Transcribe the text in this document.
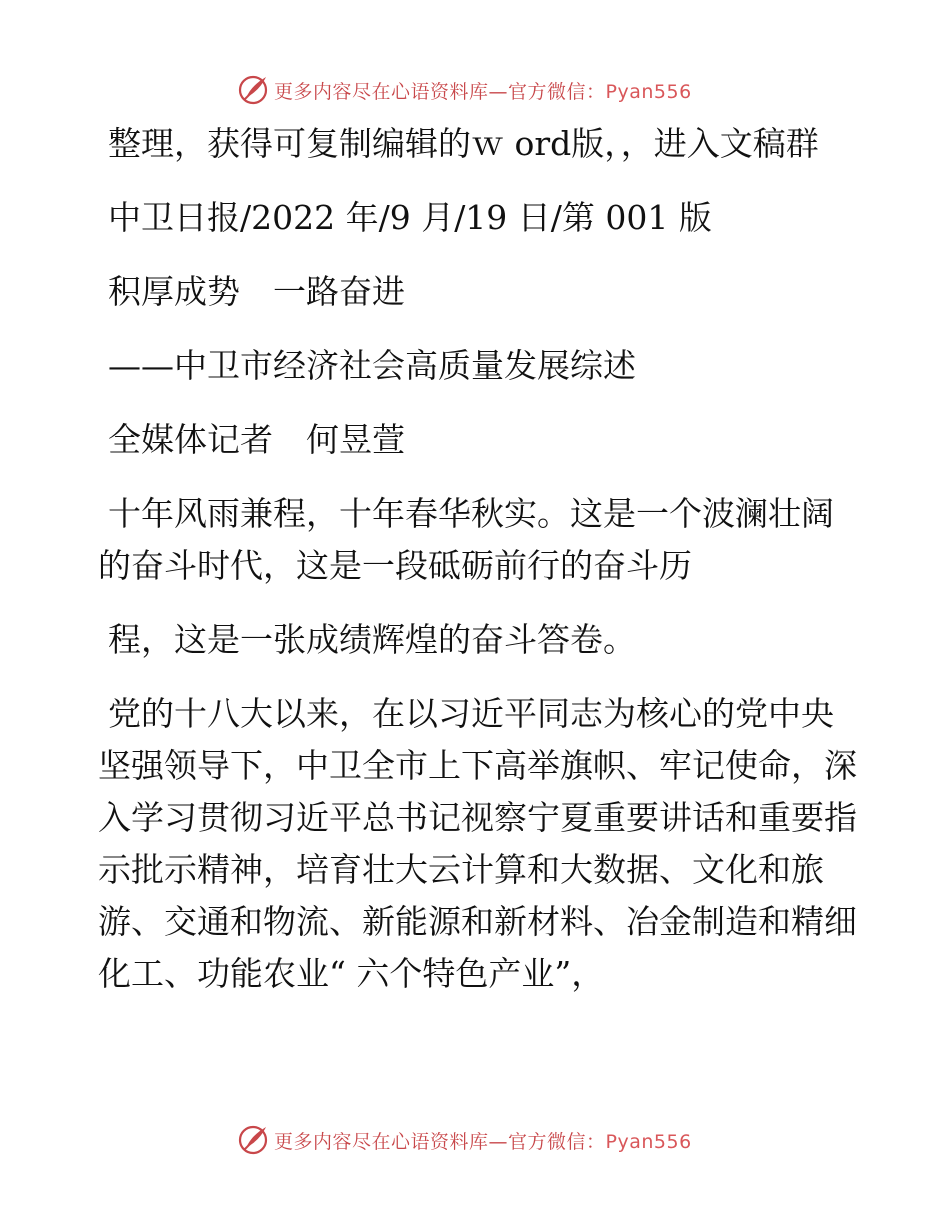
更多内容尽在心语资料库—官方微信：Pyan556

整理，获得可复制编辑的ｗ ord版，，进入文稿群

中卫日报/2022 年/9 月/19 日/第 001 版

积厚成势　一路奋进

——中卫市经济社会高质量发展综述

全媒体记者　何昱萱

十年风雨兼程，十年春华秋实。这是一个波澜壮阔的奋斗时代，这是一段砥砺前行的奋斗历

程，这是一张成绩辉煌的奋斗答卷。

党的十八大以来，在以习近平同志为核心的党中央坚强领导下，中卫全市上下高举旗帜、牢记使命，深入学习贯彻习近平总书记视察宁夏重要讲话和重要指示批示精神，培育壮大云计算和大数据、文化和旅游、交通和物流、新能源和新材料、冶金制造和精细化工、功能农业“ 六个特色产业”，

更多内容尽在心语资料库—官方微信：Pyan556
